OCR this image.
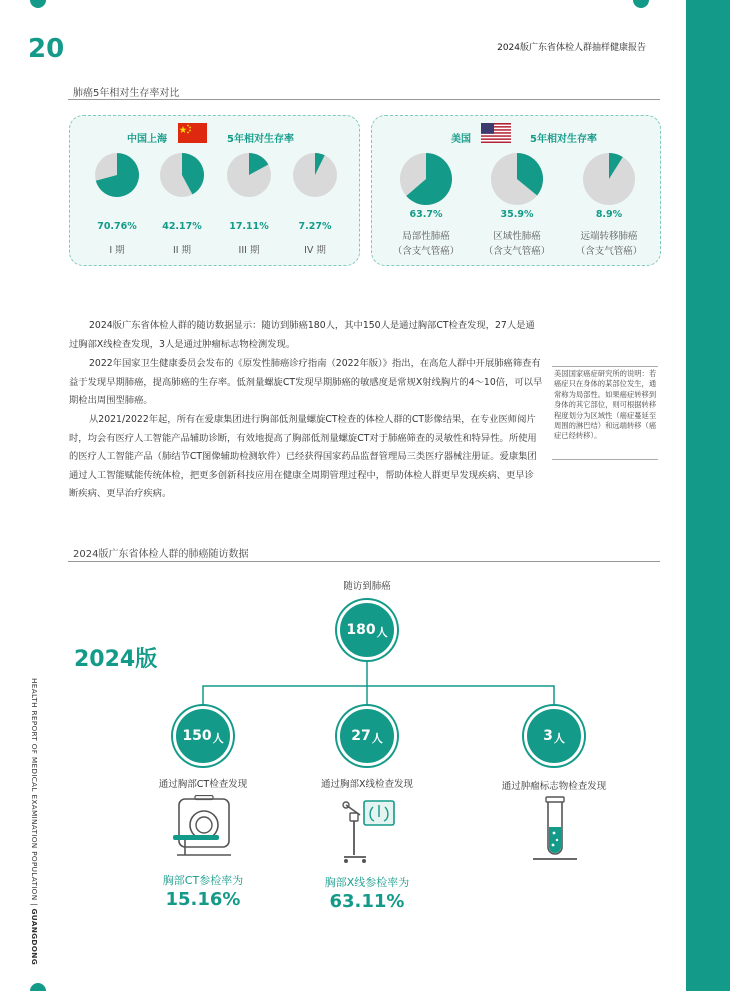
20	2024版广东省体检人群抽样健康报告
HEALTH REPORT OF MEDICAL EXAMINATION POPULATION | GUANGDONG
肺癌5年相对生存率对比
中国上海	5年相对生存率
70.76%
I 期
42.17%
II 期
17.11%
III 期
7.27%
IV 期
美国	5年相对生存率
63.7%
局部性肺癌
（含支气管癌）
35.9%
区域性肺癌
（含支气管癌）
8.9%
远端转移肺癌
（含支气管癌）
2024版广东省体检人群的随访数据显示：随访到肺癌180人，其中150人是通过胸部CT检查发现，27人是通过胸部X线检查发现，3人是通过肿瘤标志物检测发现。
2022年国家卫生健康委员会发布的《原发性肺癌诊疗指南（2022年版）》指出，在高危人群中开展肺癌筛查有益于发现早期肺癌，提高肺癌的生存率。低剂量螺旋CT发现早期肺癌的敏感度是常规X射线胸片的4～10倍，可以早期检出周围型肺癌。
从2021/2022年起，所有在爱康集团进行胸部低剂量螺旋CT检查的体检人群的CT影像结果，在专业医师阅片时，均会有医疗人工智能产品辅助诊断，有效地提高了胸部低剂量螺旋CT对于肺癌筛查的灵敏性和特异性。所使用的医疗人工智能产品（肺结节CT图像辅助检测软件）已经获得国家药品监督管理局三类医疗器械注册证。爱康集团通过人工智能赋能传统体检，把更多创新科技应用在健康全周期管理过程中，帮助体检人群更早发现疾病、更早诊断疾病、更早治疗疾病。
美国国家癌症研究所的说明：若癌症只在身体的某部位发生，通常称为局部性。如果癌症转移到身体的其它部位，则可根据转移程度划分为区域性（癌症蔓延至周围的淋巴结）和远端转移（癌症已经转移）。
2024版广东省体检人群的肺癌随访数据
2024版
随访到肺癌
180 人
150 人	27 人	3 人
通过胸部CT检查发现	通过胸部X线检查发现	通过肿瘤标志物检查发现
胸部CT参检率为
15.16%
胸部X线参检率为
63.11%
